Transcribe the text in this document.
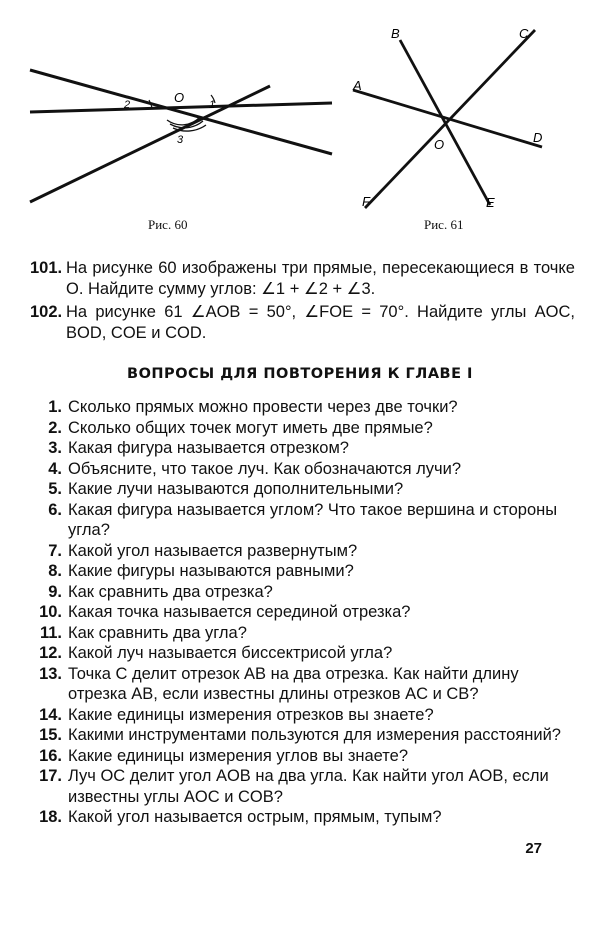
O 1
2
3
Рис. 60
A
B	C
D
E
F
O
Рис. 61
101. На рисунке 60 изображены три прямые, пересекающиеся в точке O. Найдите сумму углов: ∠1 + ∠2 + ∠3.
102. На рисунке 61 ∠AOB = 50°, ∠FOE = 70°. Найдите углы AOC, BOD, COE и COD.
ВОПРОСЫ ДЛЯ ПОВТОРЕНИЯ К ГЛАВЕ I
1. Сколько прямых можно провести через две точки?
2. Сколько общих точек могут иметь две прямые?
3. Какая фигура называется отрезком?
4. Объясните, что такое луч. Как обозначаются лучи?
5. Какие лучи называются дополнительными?
6. Какая фигура называется углом? Что такое вершина и стороны угла?
7. Какой угол называется развернутым?
8. Какие фигуры называются равными?
9. Как сравнить два отрезка?
10. Какая точка называется серединой отрезка?
11. Как сравнить два угла?
12. Какой луч называется биссектрисой угла?
13. Точка C делит отрезок AB на два отрезка. Как найти длину отрезка AB, если известны длины отрезков AC и CB?
14. Какие единицы измерения отрезков вы знаете?
15. Какими инструментами пользуются для измерения расстояний?
16. Какие единицы измерения углов вы знаете?
17. Луч OC делит угол AOB на два угла. Как найти угол AOB, если известны углы AOC и COB?
18. Какой угол называется острым, прямым, тупым?
27
